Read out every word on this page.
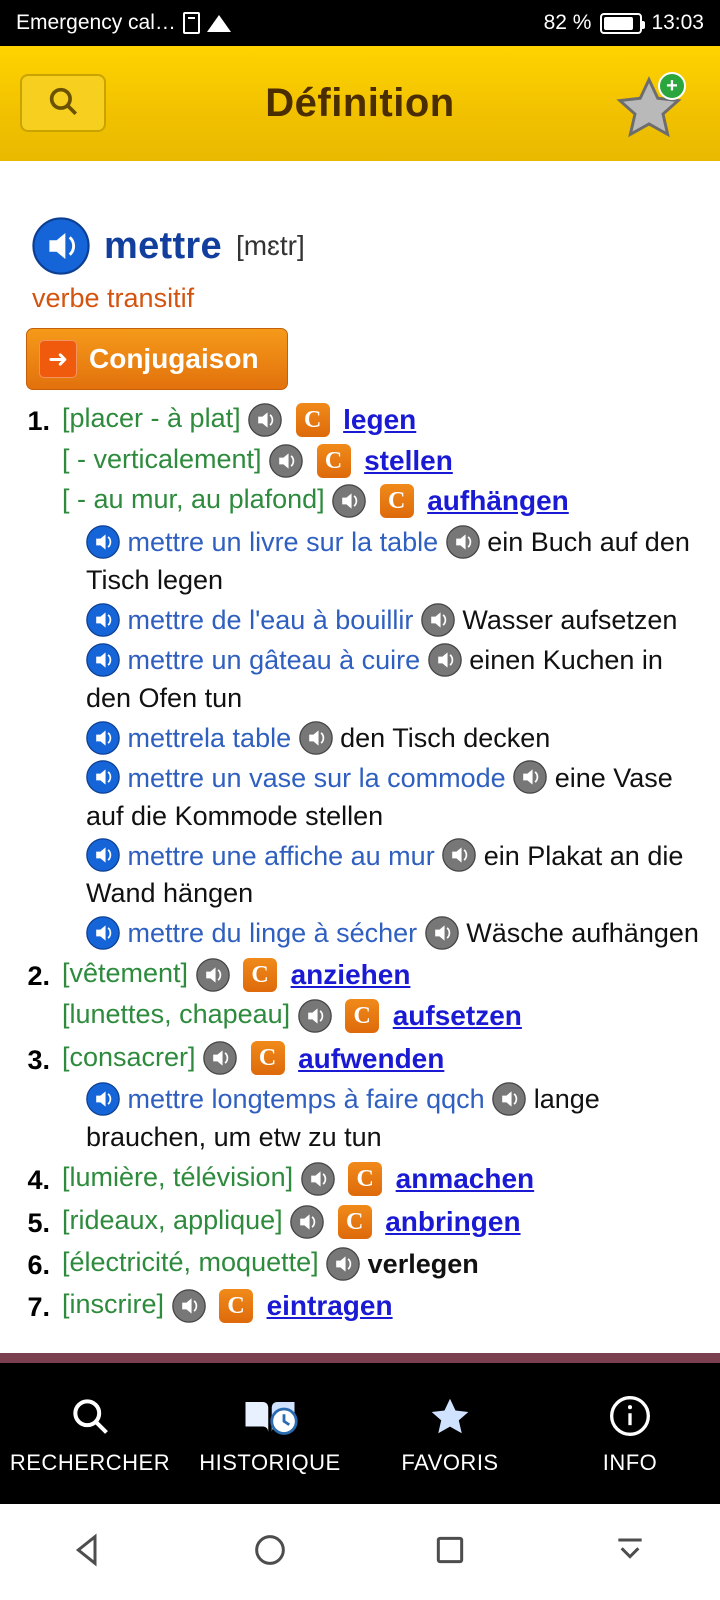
Emergency cal…	82 %	13:03
Définition	+
mettre [mɛtr]
verbe transitif
➜ Conjugaison
1. [placer - à plat]	C legen
[ - verticalement]	C stellen
[ - au mur, au plafond]	C aufhängen
mettre un livre sur la table ein Buch auf den Tisch legen
mettre de l'eau à bouillir Wasser aufsetzen
mettre un gâteau à cuire einen Kuchen in den Ofen tun
mettrela table den Tisch decken
mettre un vase sur la commode eine Vase auf die Kommode stellen
mettre une affiche au mur ein Plakat an die Wand hängen
mettre du linge à sécher Wäsche aufhängen
2. [vêtement]	C anziehen
[lunettes, chapeau]	C aufsetzen
3. [consacrer]	C aufwenden
mettre longtemps à faire qqch lange brauchen, um etw zu tun
4. [lumière, télévision]	C anmachen
5. [rideaux, applique]	C anbringen
6. [électricité, moquette] verlegen
7. [inscrire]	C eintragen
RECHERCHER HISTORIQUE	FAVORIS	INFO
